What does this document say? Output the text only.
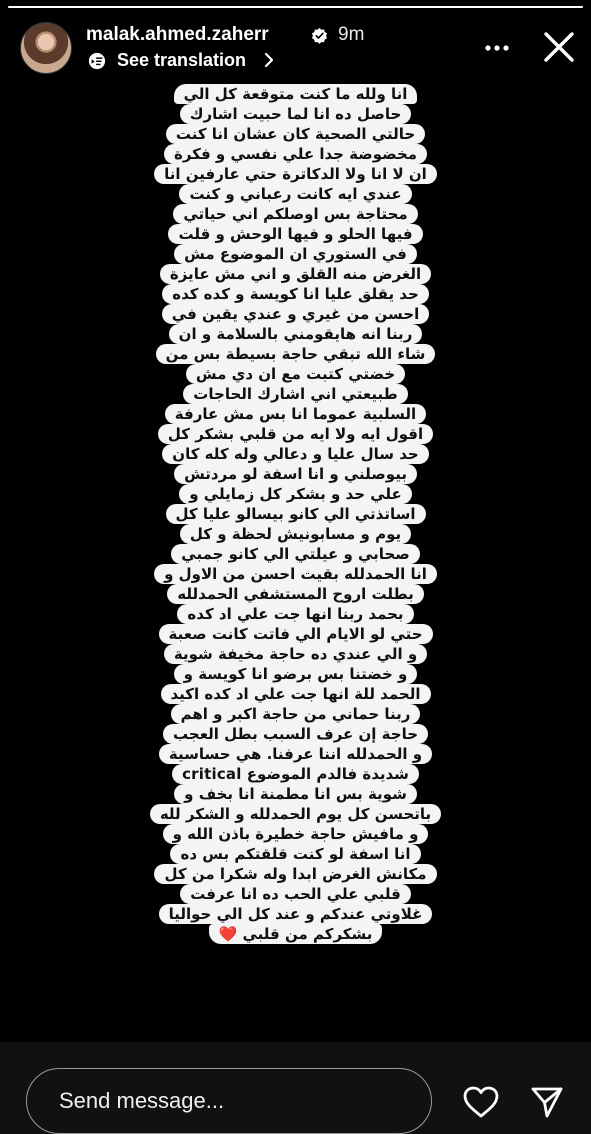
malak.ahmed.zaherr	9m
See translation
انا ولله ما كنت متوقعة كل الي
حاصل ده انا لما حبيت اشارك
حالتي الصحية كان عشان انا كنت
مخضوضة جدا علي نفسي و فكرة
ان لا انا ولا الدكاترة حتي عارفين انا
عندي ايه كانت رعباني و كنت
محتاجة بس اوصلكم اني حياتي
فيها الحلو و فيها الوحش و قلت
في الستوري ان الموضوع مش
الغرض منه القلق و اني مش عايزة
حد يقلق عليا انا كويسة و كده كده
احسن من غيري و عندي يقين في
ربنا انه هايقومني بالسلامة و ان
شاء الله تبقي حاجة بسيطة بس من
خضتي كتبت مع ان دي مش
طبيعتي اني اشارك الحاجات
السلبية عموما انا بس مش عارفة
اقول ايه ولا ايه من قلبي بشكر كل
حد سال عليا و دعالي وله كله كان
بيوصلني و انا اسفة لو مردتش
علي حد و بشكر كل زمايلي و
اساتذتي الي كانو بيسالو عليا كل
يوم و مسابونيش لحظة و كل
صحابي و عيلتي الي كانو جمبي
انا الحمدلله بقيت احسن من الاول و
بطلت اروح المستشفي الحمدلله
بحمد ربنا انها جت علي اد كده
حتي لو الايام الي فاتت كانت صعبة
و الي عندي ده حاجة مخيفة شوية
و خضتنا بس برضو انا كويسة و
الحمد للة انها جت علي اد كده اكيد
ربنا حماني من حاجة اكبر و اهم
حاجة إن عرف السبب بطل العجب
و الحمدلله اننا عرفنا. هي حساسية
شديدة فالدم الموضوع critical
شوية بس انا مطمنة انا بخف و
باتحسن كل يوم الحمدلله و الشكر لله
و مافيش حاجة خطيرة باذن الله و
انا اسفة لو كنت قلقتكم بس ده
مكانش الغرض ابدا وله شكرا من كل
قلبي علي الحب ده انا عرفت
غلاوتي عندكم و عند كل الي حواليا
بشكركم من قلبي ❤️
Send message...
